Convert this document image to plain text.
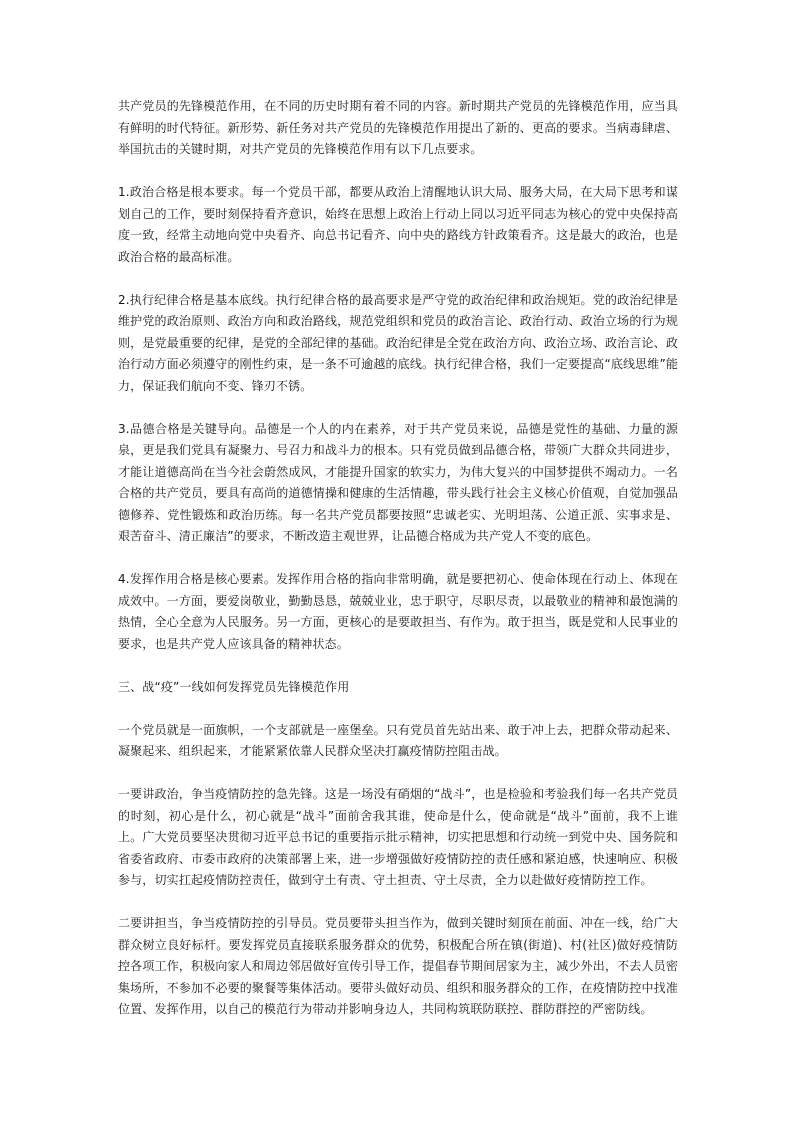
共产党员的先锋模范作用，在不同的历史时期有着不同的内容。新时期共产党员的先锋模范作用，应当具有鲜明的时代特征。新形势、新任务对共产党员的先锋模范作用提出了新的、更高的要求。当病毒肆虐、举国抗击的关键时期，对共产党员的先锋模范作用有以下几点要求。

1.政治合格是根本要求。每一个党员干部，都要从政治上清醒地认识大局、服务大局，在大局下思考和谋划自己的工作，要时刻保持看齐意识，始终在思想上政治上行动上同以习近平同志为核心的党中央保持高度一致，经常主动地向党中央看齐、向总书记看齐、向中央的路线方针政策看齐。这是最大的政治，也是政治合格的最高标准。

2.执行纪律合格是基本底线。执行纪律合格的最高要求是严守党的政治纪律和政治规矩。党的政治纪律是维护党的政治原则、政治方向和政治路线，规范党组织和党员的政治言论、政治行动、政治立场的行为规则，是党最重要的纪律，是党的全部纪律的基础。政治纪律是全党在政治方向、政治立场、政治言论、政治行动方面必须遵守的刚性约束，是一条不可逾越的底线。执行纪律合格，我们一定要提高“底线思维”能力，保证我们航向不变、锋刃不锈。

3.品德合格是关键导向。品德是一个人的内在素养，对于共产党员来说，品德是党性的基础、力量的源泉，更是我们党具有凝聚力、号召力和战斗力的根本。只有党员做到品德合格，带领广大群众共同进步，才能让道德高尚在当今社会蔚然成风，才能提升国家的软实力，为伟大复兴的中国梦提供不竭动力。一名合格的共产党员，要具有高尚的道德情操和健康的生活情趣，带头践行社会主义核心价值观，自觉加强品德修养、党性锻炼和政治历练。每一名共产党员都要按照“忠诚老实、光明坦荡、公道正派、实事求是、艰苦奋斗、清正廉洁”的要求，不断改造主观世界，让品德合格成为共产党人不变的底色。

4.发挥作用合格是核心要素。发挥作用合格的指向非常明确，就是要把初心、使命体现在行动上、体现在成效中。一方面，要爱岗敬业，勤勤恳恳，兢兢业业，忠于职守，尽职尽责，以最敬业的精神和最饱满的热情，全心全意为人民服务。另一方面，更核心的是要敢担当、有作为。敢于担当，既是党和人民事业的要求，也是共产党人应该具备的精神状态。

三、战“疫”一线如何发挥党员先锋模范作用

一个党员就是一面旗帜，一个支部就是一座堡垒。只有党员首先站出来、敢于冲上去，把群众带动起来、凝聚起来、组织起来，才能紧紧依靠人民群众坚决打赢疫情防控阻击战。

一要讲政治，争当疫情防控的急先锋。这是一场没有硝烟的“战斗”，也是检验和考验我们每一名共产党员的时刻，初心是什么，初心就是“战斗”面前舍我其谁，使命是什么，使命就是“战斗”面前，我不上谁上。广大党员要坚决贯彻习近平总书记的重要指示批示精神，切实把思想和行动统一到党中央、国务院和省委省政府、市委市政府的决策部署上来，进一步增强做好疫情防控的责任感和紧迫感，快速响应、积极参与，切实扛起疫情防控责任，做到守土有责、守土担责、守土尽责，全力以赴做好疫情防控工作。

二要讲担当，争当疫情防控的引导员。党员要带头担当作为，做到关键时刻顶在前面、冲在一线，给广大群众树立良好标杆。要发挥党员直接联系服务群众的优势，积极配合所在镇(街道)、村(社区)做好疫情防控各项工作，积极向家人和周边邻居做好宣传引导工作，提倡春节期间居家为主，减少外出，不去人员密集场所，不参加不必要的聚餐等集体活动。要带头做好动员、组织和服务群众的工作，在疫情防控中找准位置、发挥作用，以自己的模范行为带动并影响身边人，共同构筑联防联控、群防群控的严密防线。
